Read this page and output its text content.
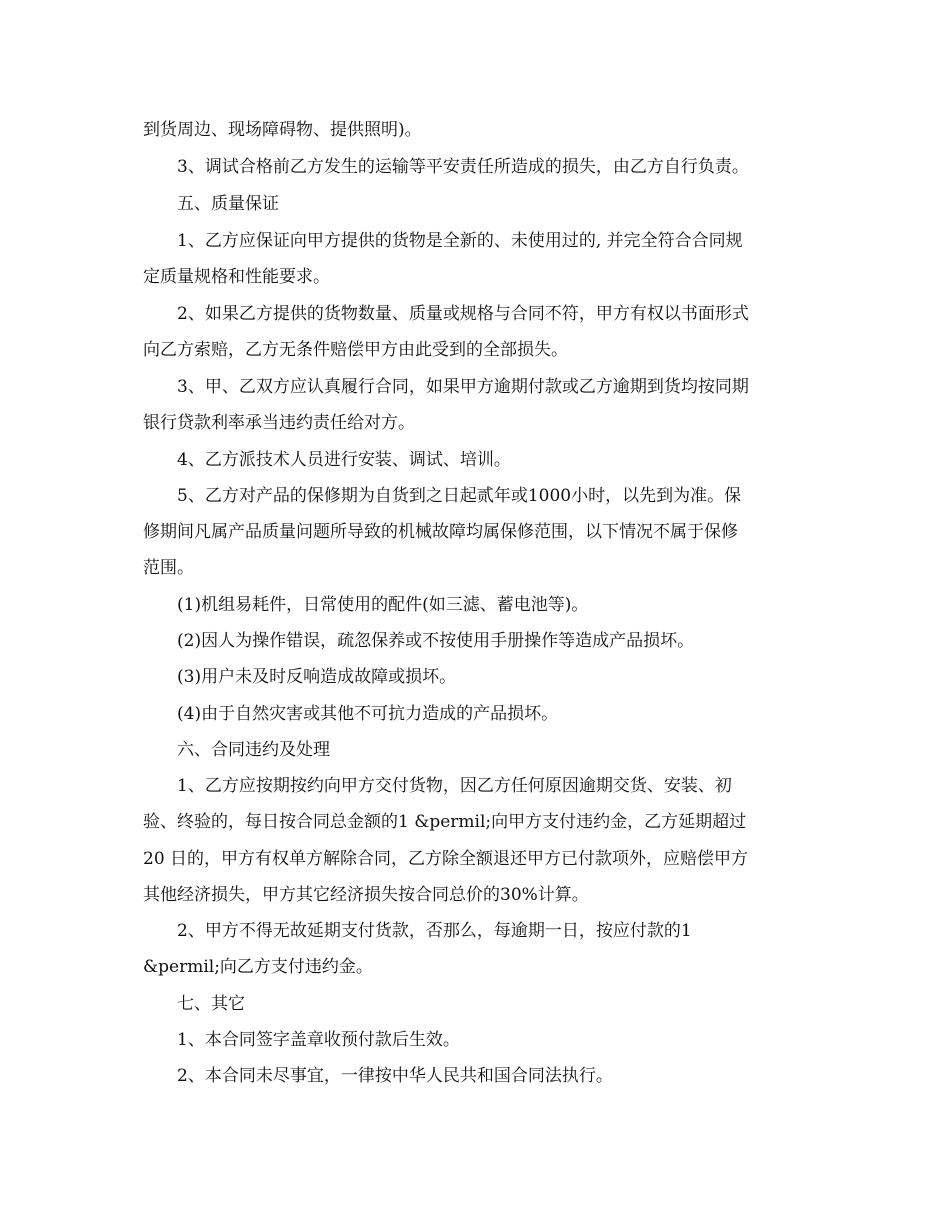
到货周边、现场障碍物、提供照明)。
3、调试合格前乙方发生的运输等平安责任所造成的损失，由乙方自行负责。
五、质量保证
1、乙方应保证向甲方提供的货物是全新的、未使用过的, 并完全符合合同规
定质量规格和性能要求。
2、如果乙方提供的货物数量、质量或规格与合同不符，甲方有权以书面形式
向乙方索赔，乙方无条件赔偿甲方由此受到的全部损失。
3、甲、乙双方应认真履行合同，如果甲方逾期付款或乙方逾期到货均按同期
银行贷款利率承当违约责任给对方。
4、乙方派技术人员进行安装、调试、培训。
5、乙方对产品的保修期为自货到之日起贰年或1000小时，以先到为准。保
修期间凡属产品质量问题所导致的机械故障均属保修范围，以下情况不属于保修
范围。
(1)机组易耗件，日常使用的配件(如三滤、蓄电池等)。
(2)因人为操作错误，疏忽保养或不按使用手册操作等造成产品损坏。
(3)用户未及时反响造成故障或损坏。
(4)由于自然灾害或其他不可抗力造成的产品损坏。
六、合同违约及处理
1、乙方应按期按约向甲方交付货物，因乙方任何原因逾期交货、安装、初
验、终验的，每日按合同总金额的1 &permil;向甲方支付违约金，乙方延期超过
20 日的，甲方有权单方解除合同，乙方除全额退还甲方已付款项外，应赔偿甲方
其他经济损失，甲方其它经济损失按合同总价的30%计算。
2、甲方不得无故延期支付货款，否那么，每逾期一日，按应付款的1
&permil;向乙方支付违约金。
七、其它
1、本合同签字盖章收预付款后生效。
2、本合同未尽事宜，一律按中华人民共和国合同法执行。
